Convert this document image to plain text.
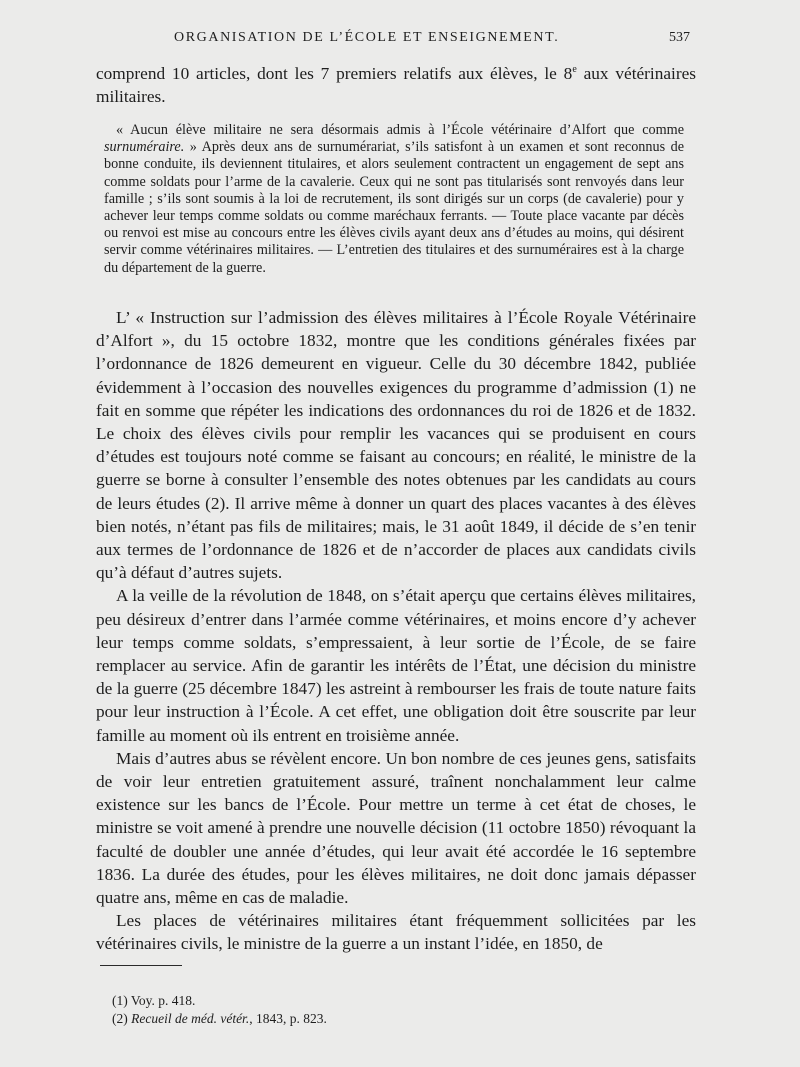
ORGANISATION DE L’ÉCOLE ET ENSEIGNEMENT.	537

comprend 10 articles, dont les 7 premiers relatifs aux élèves, le 8e aux vétérinaires militaires.

« Aucun élève militaire ne sera désormais admis à l’École vétérinaire d’Alfort que comme surnuméraire. » Après deux ans de surnumérariat, s’ils satisfont à un examen et sont reconnus de bonne conduite, ils deviennent titulaires, et alors seulement contractent un engagement de sept ans comme soldats pour l’arme de la cavalerie. Ceux qui ne sont pas titularisés sont renvoyés dans leur famille ; s’ils sont soumis à la loi de recrutement, ils sont dirigés sur un corps (de cavalerie) pour y achever leur temps comme soldats ou comme maréchaux ferrants. — Toute place vacante par décès ou renvoi est mise au concours entre les élèves civils ayant deux ans d’études au moins, qui désirent servir comme vétérinaires militaires. — L’entretien des titulaires et des surnuméraires est à la charge du département de la guerre.

L’ « Instruction sur l’admission des élèves militaires à l’École Royale Vétérinaire d’Alfort », du 15 octobre 1832, montre que les conditions générales fixées par l’ordonnance de 1826 demeurent en vigueur. Celle du 30 décembre 1842, publiée évidemment à l’occasion des nouvelles exigences du programme d’admission (1) ne fait en somme que répéter les indications des ordonnances du roi de 1826 et de 1832. Le choix des élèves civils pour remplir les vacances qui se produisent en cours d’études est toujours noté comme se faisant au concours; en réalité, le ministre de la guerre se borne à consulter l’ensemble des notes obtenues par les candidats au cours de leurs études (2). Il arrive même à donner un quart des places vacantes à des élèves bien notés, n’étant pas fils de militaires; mais, le 31 août 1849, il décide de s’en tenir aux termes de l’ordonnance de 1826 et de n’accorder de places aux candidats civils qu’à défaut d’autres sujets.

A la veille de la révolution de 1848, on s’était aperçu que certains élèves militaires, peu désireux d’entrer dans l’armée comme vétérinaires, et moins encore d’y achever leur temps comme soldats, s’empressaient, à leur sortie de l’École, de se faire remplacer au service. Afin de garantir les intérêts de l’État, une décision du ministre de la guerre (25 décembre 1847) les astreint à rembourser les frais de toute nature faits pour leur instruction à l’École. A cet effet, une obligation doit être souscrite par leur famille au moment où ils entrent en troisième année.

Mais d’autres abus se révèlent encore. Un bon nombre de ces jeunes gens, satisfaits de voir leur entretien gratuitement assuré, traînent nonchalamment leur calme existence sur les bancs de l’École. Pour mettre un terme à cet état de choses, le ministre se voit amené à prendre une nouvelle décision (11 octobre 1850) révoquant la faculté de doubler une année d’études, qui leur avait été accordée le 16 septembre 1836. La durée des études, pour les élèves militaires, ne doit donc jamais dépasser quatre ans, même en cas de maladie.

Les places de vétérinaires militaires étant fréquemment sollicitées par les vétérinaires civils, le ministre de la guerre a un instant l’idée, en 1850, de

(1) Voy. p. 418.

(2) Recueil de méd. vétér., 1843, p. 823.
